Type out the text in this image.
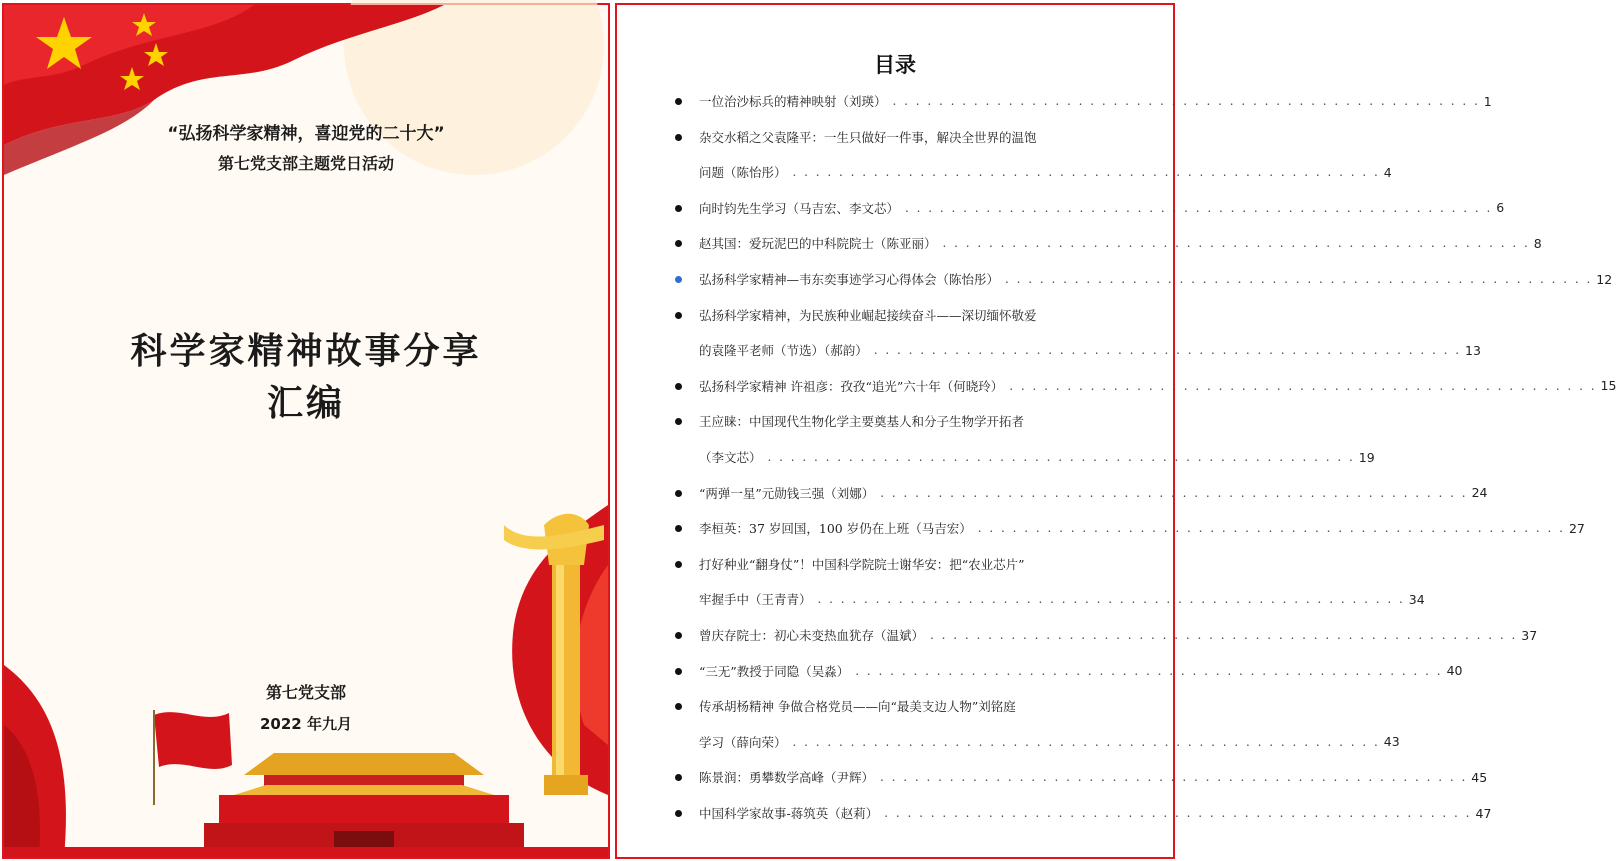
“弘扬科学家精神，喜迎党的二十大”
第七党支部主题党日活动
科学家精神故事分享
汇编
第七党支部
2022 年九月
目录
一位治沙标兵的精神映射（刘瑛） . . . . . . . . . . . . . . . . . . . . . . . . . . . . . . . . . . . . . . . . . . . . . . . . . . . 1
杂交水稻之父袁隆平：一生只做好一件事，解决全世界的温饱
问题（陈怡彤） . . . . . . . . . . . . . . . . . . . . . . . . . . . . . . . . . . . . . . . . . . . . . . . . . . . 4
向时钧先生学习（马吉宏、李文芯） . . . . . . . . . . . . . . . . . . . . . . . . . . . . . . . . . . . . . . . . . . . . . . . . . . . 6
赵其国：爱玩泥巴的中科院院士（陈亚丽） . . . . . . . . . . . . . . . . . . . . . . . . . . . . . . . . . . . . . . . . . . . . . . . . . . . 8
弘扬科学家精神—韦东奕事迹学习心得体会（陈怡彤） . . . . . . . . . . . . . . . . . . . . . . . . . . . . . . . . . . . . . . . . . . . . . . . . . . . 12
弘扬科学家精神，为民族种业崛起接续奋斗——深切缅怀敬爱
的袁隆平老师（节选）（郝韵） . . . . . . . . . . . . . . . . . . . . . . . . . . . . . . . . . . . . . . . . . . . . . . . . . . . 13
弘扬科学家精神 许祖彦：孜孜“追光”六十年（何晓玲） . . . . . . . . . . . . . . . . . . . . . . . . . . . . . . . . . . . . . . . . . . . . . . . . . . . 15
王应睐：中国现代生物化学主要奠基人和分子生物学开拓者
（李文芯） . . . . . . . . . . . . . . . . . . . . . . . . . . . . . . . . . . . . . . . . . . . . . . . . . . . 19
“两弹一星”元勋钱三强（刘娜） . . . . . . . . . . . . . . . . . . . . . . . . . . . . . . . . . . . . . . . . . . . . . . . . . . . 24
李桓英：37 岁回国，100 岁仍在上班（马吉宏） . . . . . . . . . . . . . . . . . . . . . . . . . . . . . . . . . . . . . . . . . . . . . . . . . . . 27
打好种业“翻身仗”！中国科学院院士谢华安：把“农业芯片”
牢握手中（王青青） . . . . . . . . . . . . . . . . . . . . . . . . . . . . . . . . . . . . . . . . . . . . . . . . . . . 34
曾庆存院士：初心未变热血犹存（温斌） . . . . . . . . . . . . . . . . . . . . . . . . . . . . . . . . . . . . . . . . . . . . . . . . . . . 37
“三无”教授于同隐（吴淼） . . . . . . . . . . . . . . . . . . . . . . . . . . . . . . . . . . . . . . . . . . . . . . . . . . . 40
传承胡杨精神 争做合格党员——向“最美支边人物”刘铭庭
学习（薛向荣） . . . . . . . . . . . . . . . . . . . . . . . . . . . . . . . . . . . . . . . . . . . . . . . . . . . 43
陈景润：勇攀数学高峰（尹辉） . . . . . . . . . . . . . . . . . . . . . . . . . . . . . . . . . . . . . . . . . . . . . . . . . . . 45
中国科学家故事-蒋筑英（赵莉） . . . . . . . . . . . . . . . . . . . . . . . . . . . . . . . . . . . . . . . . . . . . . . . . . . . 47
